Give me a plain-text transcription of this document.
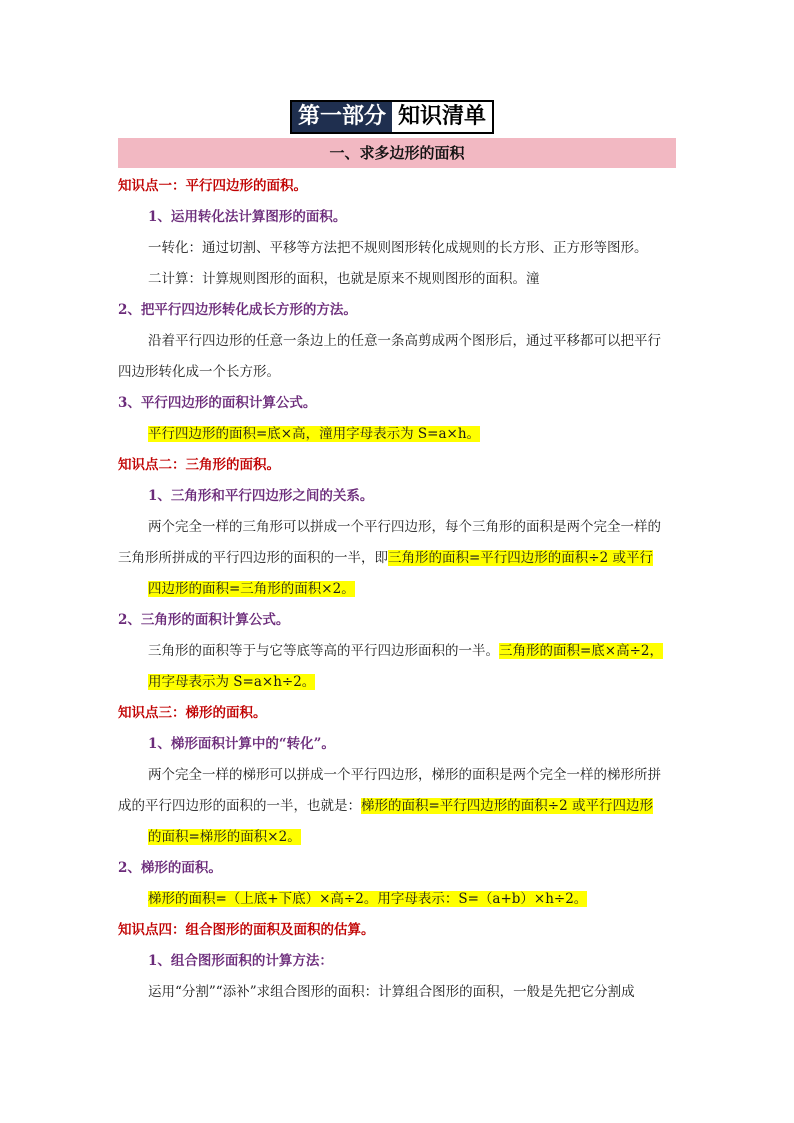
第一部分 知识清单
一、求多边形的面积
知识点一：平行四边形的面积。
1、运用转化法计算图形的面积。
一转化：通过切割、平移等方法把不规则图形转化成规则的长方形、正方形等图形。
二计算：计算规则图形的面积，也就是原来不规则图形的面积。潼
2、把平行四边形转化成长方形的方法。
沿着平行四边形的任意一条边上的任意一条高剪成两个图形后，通过平移都可以把平行
四边形转化成一个长方形。
3、平行四边形的面积计算公式。
平行四边形的面积=底×高，潼用字母表示为 S=a×h。
知识点二：三角形的面积。
1、三角形和平行四边形之间的关系。
两个完全一样的三角形可以拼成一个平行四边形，每个三角形的面积是两个完全一样的
三角形所拼成的平行四边形的面积的一半，即三角形的面积=平行四边形的面积÷2 或平行
四边形的面积=三角形的面积×2。
2、三角形的面积计算公式。
三角形的面积等于与它等底等高的平行四边形面积的一半。三角形的面积=底×高÷2，
用字母表示为 S=a×h÷2。
知识点三：梯形的面积。
1、梯形面积计算中的“转化”。
两个完全一样的梯形可以拼成一个平行四边形，梯形的面积是两个完全一样的梯形所拼
成的平行四边形的面积的一半，也就是：梯形的面积=平行四边形的面积÷2 或平行四边形
的面积=梯形的面积×2。
2、梯形的面积。
梯形的面积=（上底+下底）×高÷2。用字母表示：S=（a+b）×h÷2。
知识点四：组合图形的面积及面积的估算。
1、组合图形面积的计算方法：
运用“分割”“添补”求组合图形的面积：计算组合图形的面积，一般是先把它分割成
